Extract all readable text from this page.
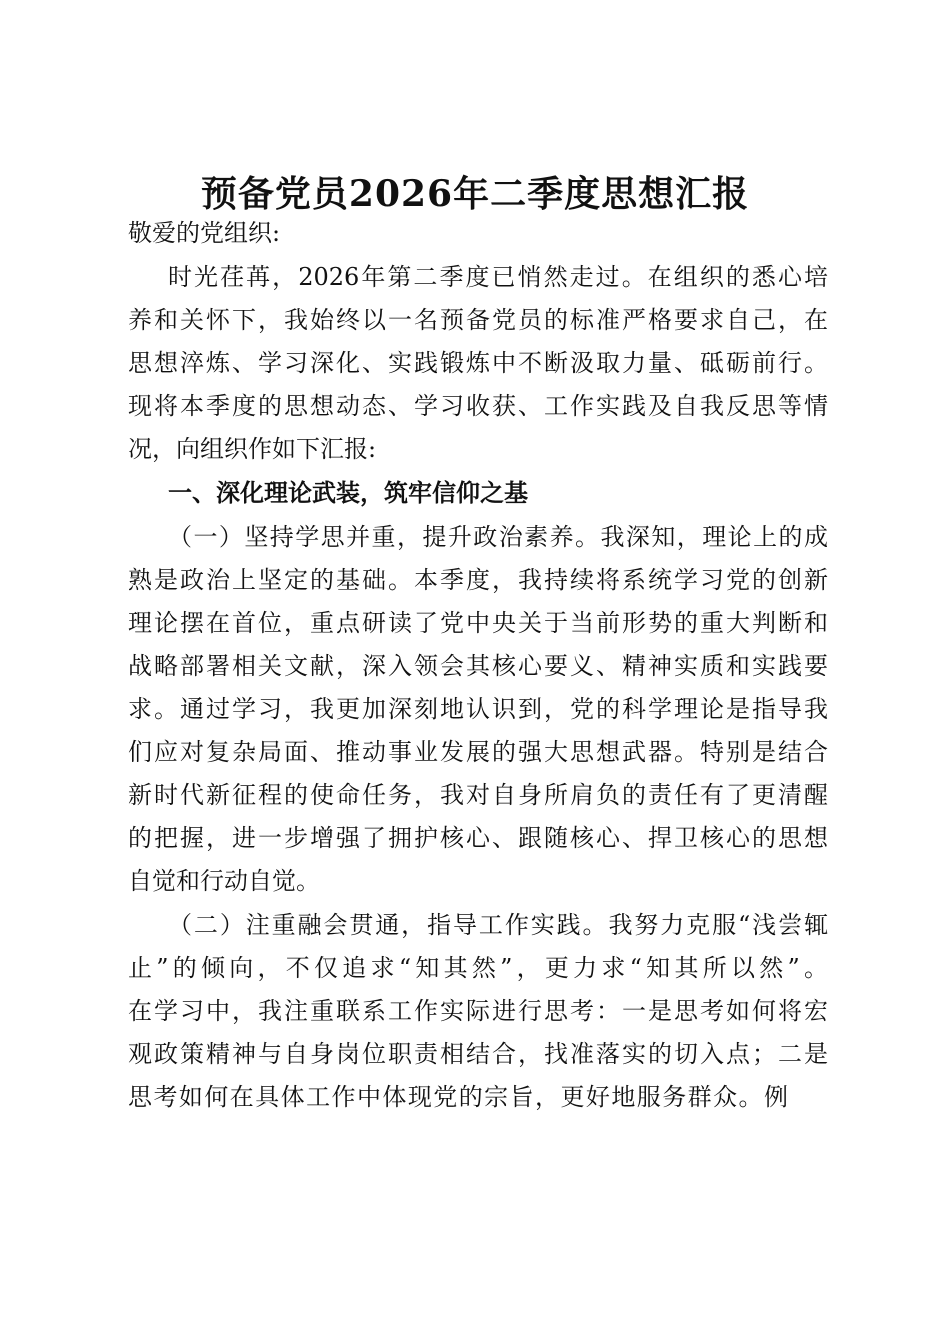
预备党员2026年二季度思想汇报
敬爱的党组织:
时光荏苒，2026年第二季度已悄然走过。在组织的悉心培
养和关怀下，我始终以一名预备党员的标准严格要求自己，在
思想淬炼、学习深化、实践锻炼中不断汲取力量、砥砺前行。
现将本季度的思想动态、学习收获、工作实践及自我反思等情
况，向组织作如下汇报:
一、深化理论武装，筑牢信仰之基
（一）坚持学思并重，提升政治素养。我深知，理论上的成
熟是政治上坚定的基础。本季度，我持续将系统学习党的创新
理论摆在首位，重点研读了党中央关于当前形势的重大判断和
战略部署相关文献，深入领会其核心要义、精神实质和实践要
求。通过学习，我更加深刻地认识到，党的科学理论是指导我
们应对复杂局面、推动事业发展的强大思想武器。特别是结合
新时代新征程的使命任务，我对自身所肩负的责任有了更清醒
的把握，进一步增强了拥护核心、跟随核心、捍卫核心的思想
自觉和行动自觉。
（二）注重融会贯通，指导工作实践。我努力克服“浅尝辄
止”的倾向，不仅追求“知其然”，更力求“知其所以然”。
在学习中，我注重联系工作实际进行思考：一是思考如何将宏
观政策精神与自身岗位职责相结合，找准落实的切入点；二是
思考如何在具体工作中体现党的宗旨，更好地服务群众。例
